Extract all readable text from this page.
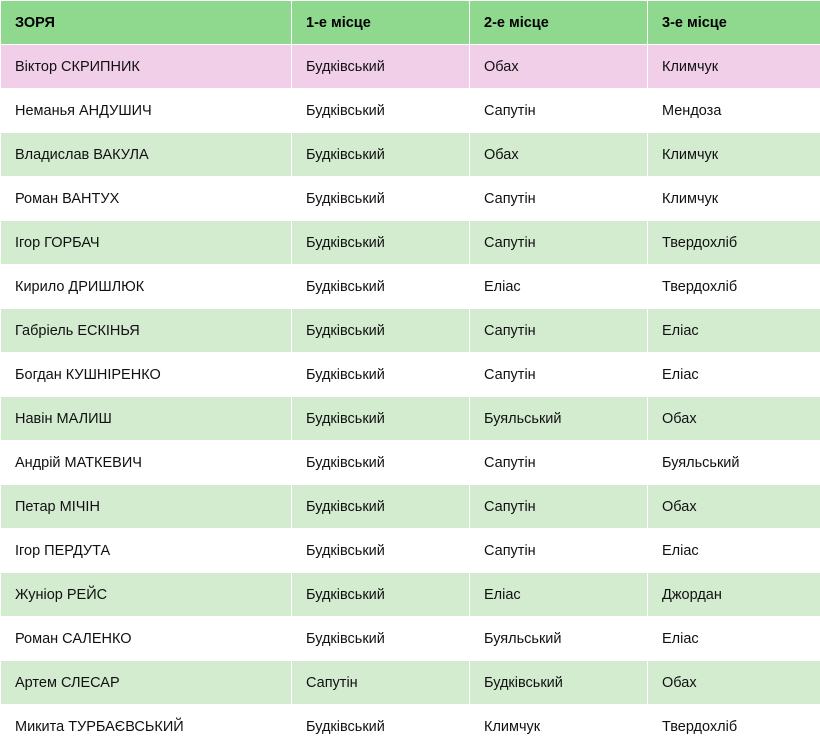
ЗОРЯ	1-е місце	2-е місце	3-е місце
Віктор СКРИПНИК	Будківський	Обах	Климчук
Неманья АНДУШИЧ	Будківський	Сапутін	Мендоза
Владислав ВАКУЛА	Будківський	Обах	Климчук
Роман ВАНТУХ	Будківський	Сапутін	Климчук
Ігор ГОРБАЧ	Будківський	Сапутін	Твердохліб
Кирило ДРИШЛЮК	Будківський	Еліас	Твердохліб
Габріель ЕСКІНЬЯ	Будківський	Сапутін	Еліас
Богдан КУШНІРЕНКО	Будківський	Сапутін	Еліас
Навін МАЛИШ	Будківський	Буяльський	Обах
Андрій МАТКЕВИЧ	Будківський	Сапутін	Буяльський
Петар МІЧІН	Будківський	Сапутін	Обах
Ігор ПЕРДУТА	Будківський	Сапутін	Еліас
Жуніор РЕЙС	Будківський	Еліас	Джордан
Роман САЛЕНКО	Будківський	Буяльський	Еліас
Артем СЛЕСАР	Сапутін	Будківський	Обах
Микита ТУРБАЄВСЬКИЙ	Будківський	Климчук	Твердохліб
